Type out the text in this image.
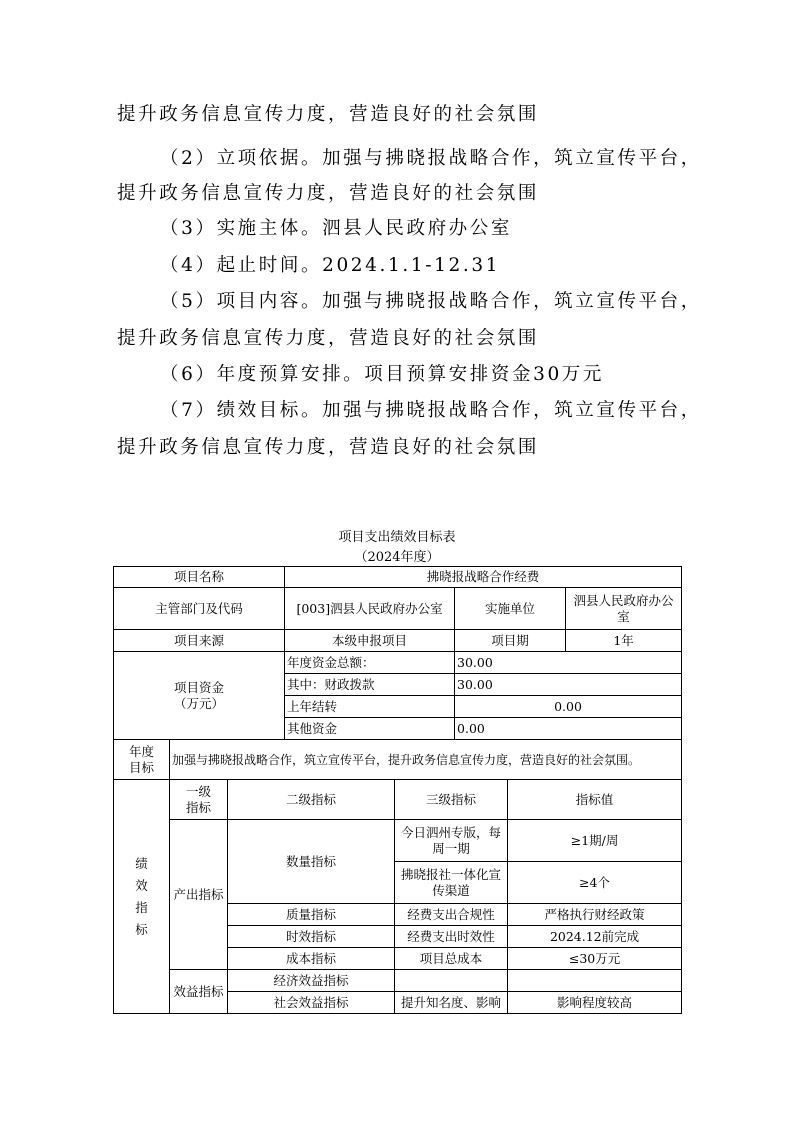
提升政务信息宣传力度，营造良好的社会氛围
（2）立项依据。加强与拂晓报战略合作，筑立宣传平台，
提升政务信息宣传力度，营造良好的社会氛围
（3）实施主体。泗县人民政府办公室
（4）起止时间。2024.1.1-12.31
（5）项目内容。加强与拂晓报战略合作，筑立宣传平台，
提升政务信息宣传力度，营造良好的社会氛围
（6）年度预算安排。项目预算安排资金30万元
（7）绩效目标。加强与拂晓报战略合作，筑立宣传平台，
提升政务信息宣传力度，营造良好的社会氛围
项目支出绩效目标表
（2024年度）
项目名称			拂晓报战略合作经费				
主管部门及代码			[003]泗县人民政府办公室		实施单位		泗县人民政府办公室
项目来源			本级申报项目		项目期		1年

项目资金
（万元）			年度资金总额：		30.00		
			其中：财政拨款		30.00		
			上年结转		0.00		
			其他资金		0.00		
年度目标	加强与拂晓报战略合作，筑立宣传平台，提升政务信息宣传力度，营造良好的社会氛围。						
绩效指标	一级指标	二级指标		三级指标		指标值	
	产出指标	数量指标		今日泗州专版，每周一期		≥1期/周	
				拂晓报社一体化宣传渠道		≥4个	
		质量指标		经费支出合规性		严格执行财经政策	
		时效指标		经费支出时效性		2024.12前完成	
		成本指标		项目总成本		≤30万元	
	效益指标	经济效益指标					
		社会效益指标		提升知名度、影响		影响程度较高	
